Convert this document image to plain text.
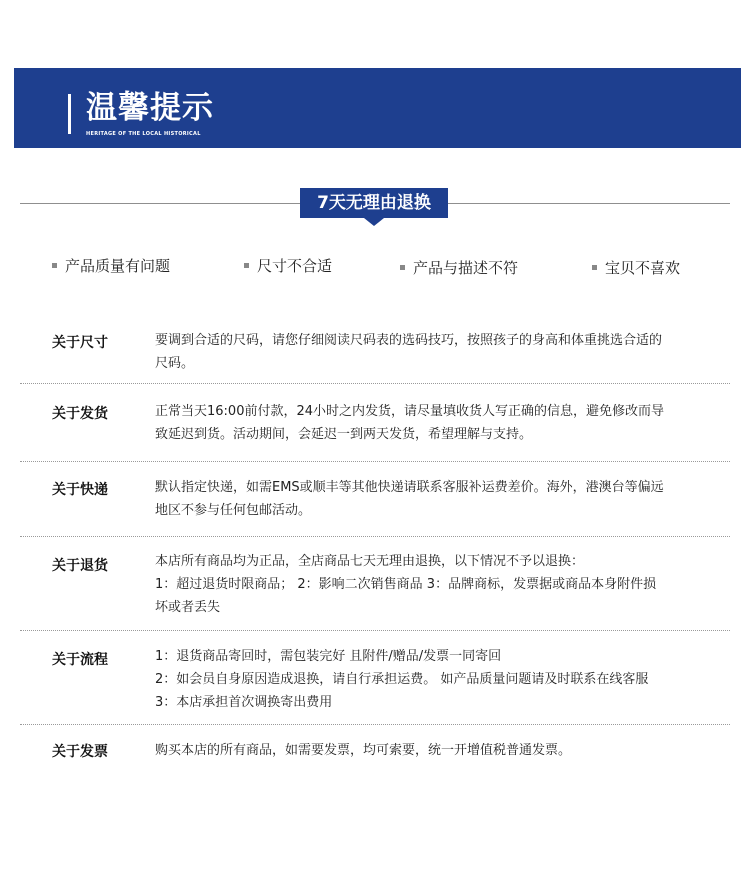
温馨提示
HERITAGE OF THE LOCAL HISTORICAL
7天无理由退换
产品质量有问题	尺寸不合适	产品与描述不符	宝贝不喜欢
关于尺寸	要调到合适的尺码，请您仔细阅读尺码表的选码技巧，按照孩子的身高和体重挑选合适的
尺码。
关于发货	正常当天16:00前付款，24小时之内发货，请尽量填收货人写正确的信息，避免修改而导
致延迟到货。活动期间，会延迟一到两天发货，希望理解与支持。
关于快递	默认指定快递，如需EMS或顺丰等其他快递请联系客服补运费差价。海外，港澳台等偏远
地区不参与任何包邮活动。
关于退货	本店所有商品均为正品，全店商品七天无理由退换，以下情况不予以退换：
1：超过退货时限商品； 2：影响二次销售商品 3：品牌商标，发票据或商品本身附件损
坏或者丢失
关于流程	1：退货商品寄回时，需包装完好 且附件/赠品/发票一同寄回
2：如会员自身原因造成退换，请自行承担运费。 如产品质量问题请及时联系在线客服
3：本店承担首次调换寄出费用
关于发票	购买本店的所有商品，如需要发票，均可索要，统一开增值税普通发票。
